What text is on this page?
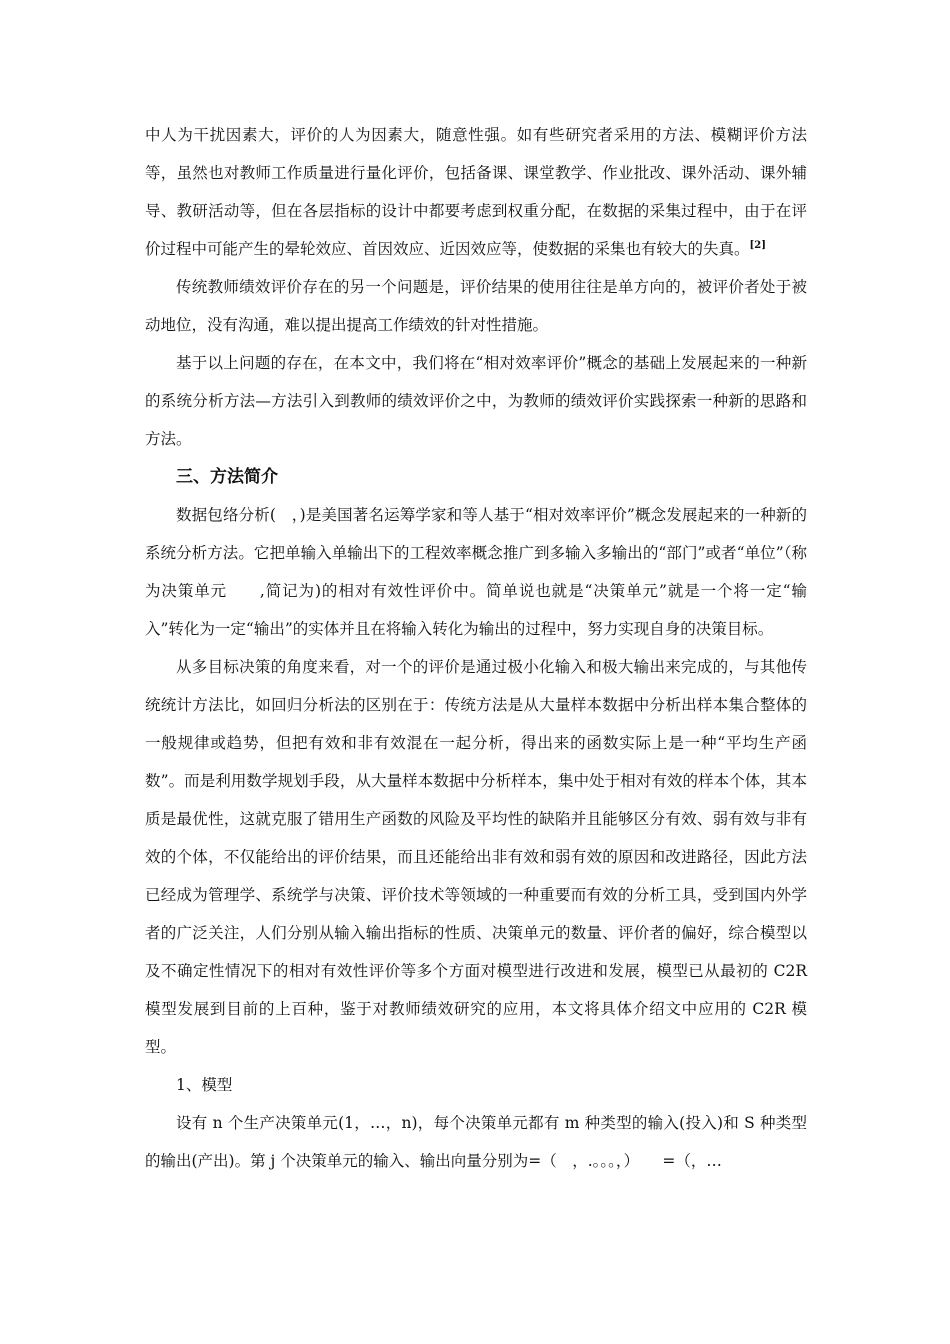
中人为干扰因素大，评价的人为因素大，随意性强。如有些研究者采用的方法、模糊评价方法等，虽然也对教师工作质量进行量化评价，包括备课、课堂教学、作业批改、课外活动、课外辅导、教研活动等，但在各层指标的设计中都要考虑到权重分配，在数据的采集过程中，由于在评价过程中可能产生的晕轮效应、首因效应、近因效应等，使数据的采集也有较大的失真。[2]

传统教师绩效评价存在的另一个问题是，评价结果的使用往往是单方向的，被评价者处于被动地位，没有沟通，难以提出提高工作绩效的针对性措施。

基于以上问题的存在，在本文中，我们将在“相对效率评价”概念的基础上发展起来的一种新的系统分析方法—方法引入到教师的绩效评价之中，为教师的绩效评价实践探索一种新的思路和方法。

三、方法简介

数据包络分析(　，)是美国著名运筹学家和等人基于“相对效率评价”概念发展起来的一种新的系统分析方法。它把单输入单输出下的工程效率概念推广到多输入多输出的“部门”或者“单位”（称为决策单元　　,简记为)的相对有效性评价中。简单说也就是“决策单元”就是一个将一定“输入”转化为一定“输出”的实体并且在将输入转化为输出的过程中，努力实现自身的决策目标。

从多目标决策的角度来看，对一个的评价是通过极小化输入和极大输出来完成的，与其他传统统计方法比，如回归分析法的区别在于：传统方法是从大量样本数据中分析出样本集合整体的一般规律或趋势，但把有效和非有效混在一起分析，得出来的函数实际上是一种“平均生产函数”。而是利用数学规划手段，从大量样本数据中分析样本，集中处于相对有效的样本个体，其本质是最优性，这就克服了错用生产函数的风险及平均性的缺陷并且能够区分有效、弱有效与非有效的个体，不仅能给出的评价结果，而且还能给出非有效和弱有效的原因和改进路径，因此方法已经成为管理学、系统学与决策、评价技术等领域的一种重要而有效的分析工具，受到国内外学者的广泛关注，人们分别从输入输出指标的性质、决策单元的数量、评价者的偏好，综合模型以及不确定性情况下的相对有效性评价等多个方面对模型进行改进和发展，模型已从最初的 C2R 模型发展到目前的上百种，鉴于对教师绩效研究的应用，本文将具体介绍文中应用的 C2R 模型。

1、模型

设有 n 个生产决策单元(1，…，n)，每个决策单元都有 m 种类型的输入(投入)和 S 种类型的输出(产出)。第 j 个决策单元的输入、输出向量分别为=（　，.。。。，）　　=（，…
